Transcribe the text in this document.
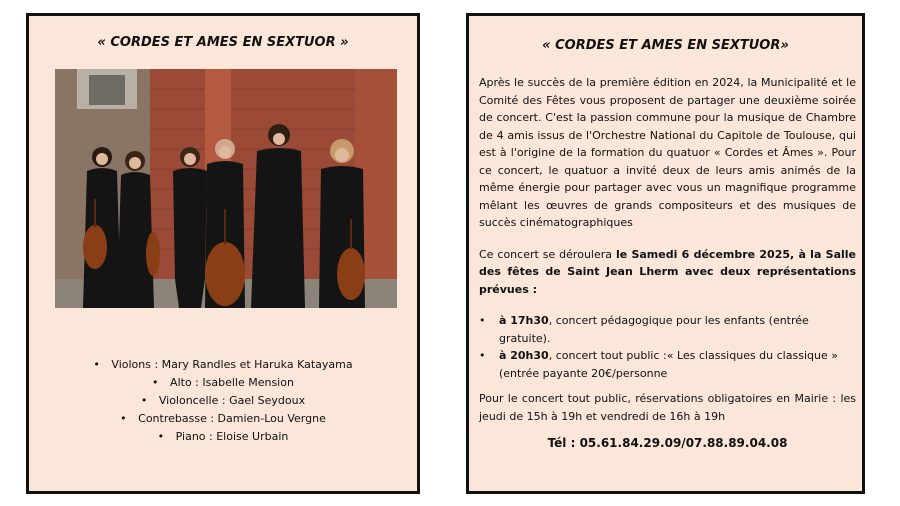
« CORDES ET AMES EN SEXTUOR »
• Violons : Mary Randles et Haruka Katayama
• Alto : Isabelle Mension
• Violoncelle : Gael Seydoux
• Contrebasse : Damien-Lou Vergne
• Piano : Eloise Urbain
« CORDES ET AMES EN SEXTUOR»

Après le succès de la première édition en 2024, la Municipalité et le Comité des Fêtes vous proposent de partager une deuxième soirée de concert. C'est la passion commune pour la musique de Chambre de 4 amis issus de l'Orchestre National du Capitole de Toulouse, qui est à l'origine de la formation du quatuor « Cordes et Âmes ». Pour ce concert, le quatuor a invité deux de leurs amis animés de la même énergie pour partager avec vous un magnifique programme mêlant les œuvres de grands compositeurs et des musiques de succès cinématographiques

Ce concert se déroulera le Samedi 6 décembre 2025, à la Salle des fêtes de Saint Jean Lherm avec deux représentations prévues :

• à 17h30, concert pédagogique pour les enfants (entrée gratuite).
• à 20h30, concert tout public :« Les classiques du classique » (entrée payante 20€/personne

Pour le concert tout public, réservations obligatoires en Mairie : les jeudi de 15h à 19h et vendredi de 16h à 19h

Tél : 05.61.84.29.09/07.88.89.04.08
